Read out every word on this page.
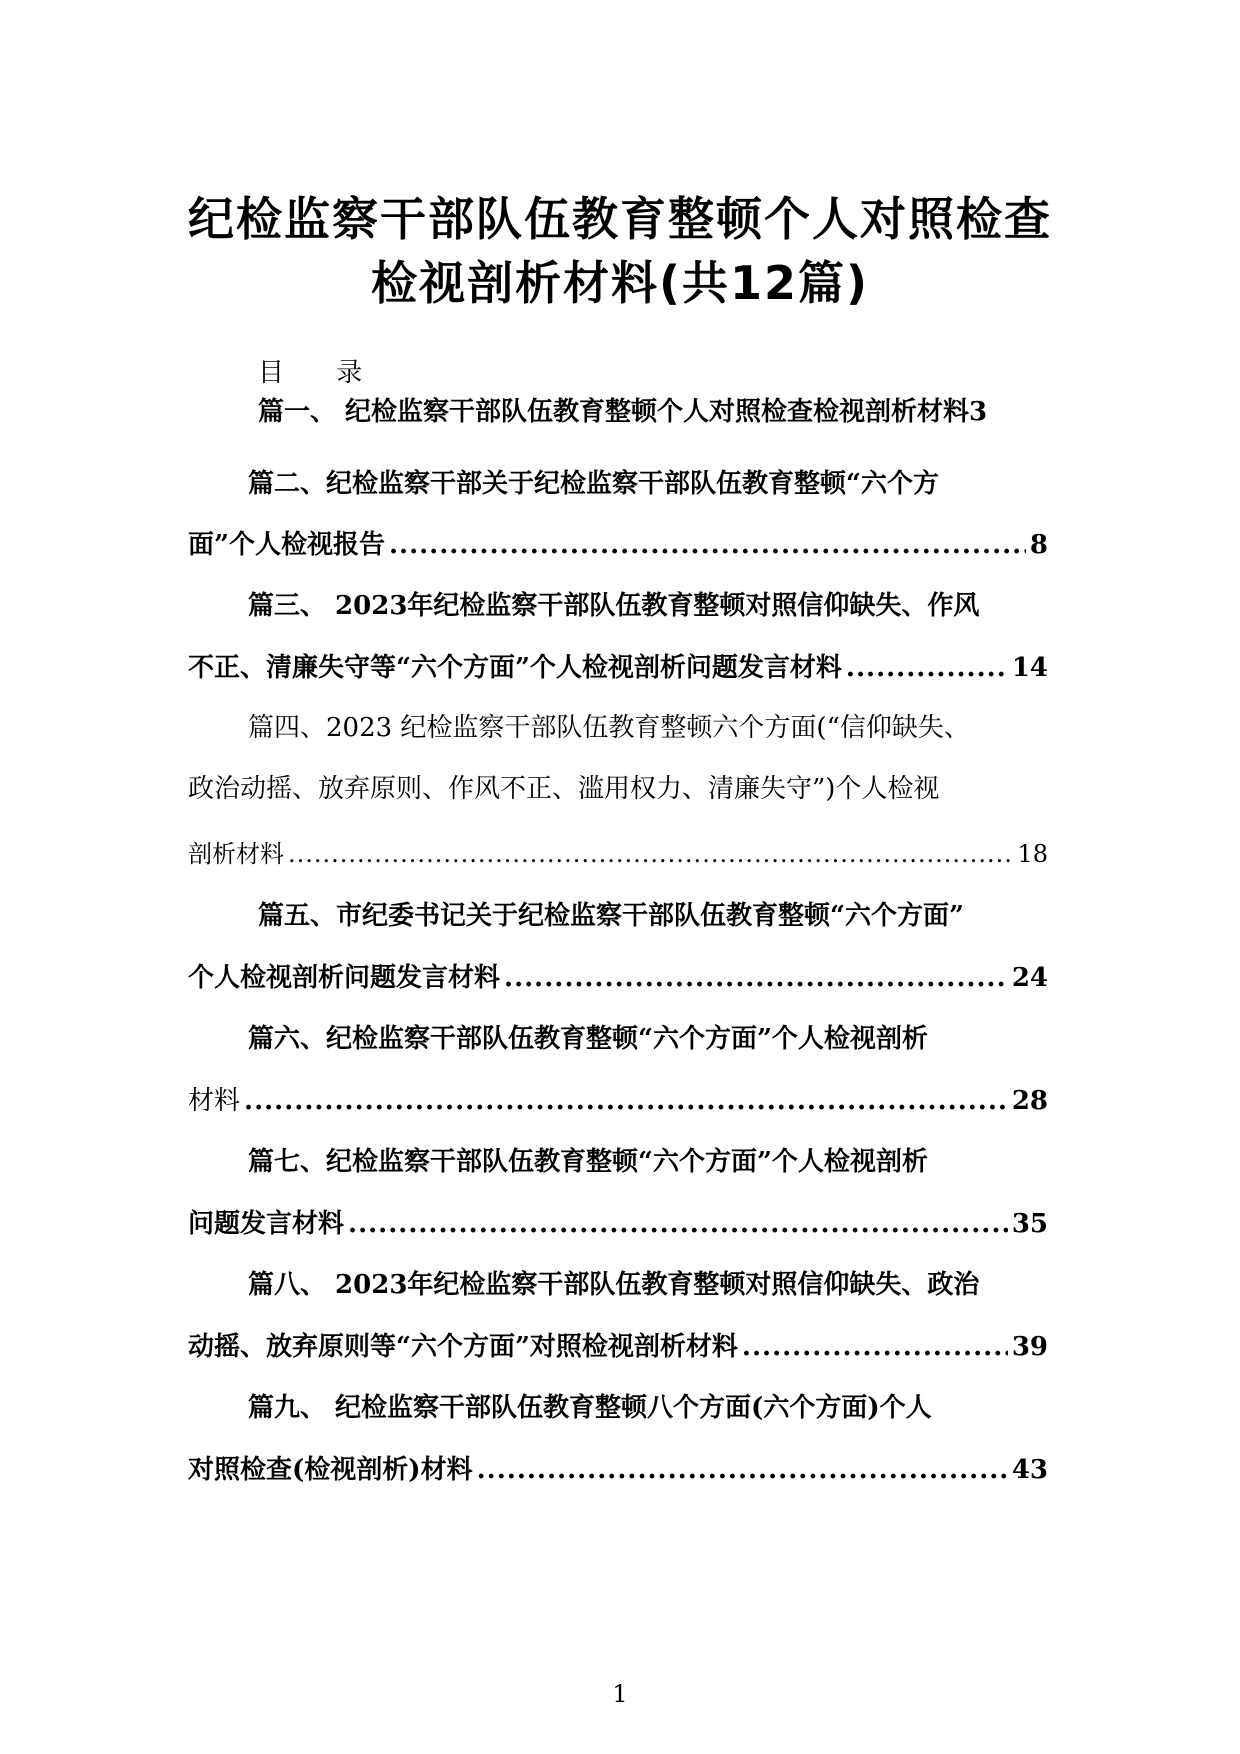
纪检监察干部队伍教育整顿个人对照检查
检视剖析材料(共12篇)
目 录
篇一、 纪检监察干部队伍教育整顿个人对照检查检视剖析材料3
篇二、纪检监察干部关于纪检监察干部队伍教育整顿“六个方
面”个人检视报告 .....	8
篇三、 2023年纪检监察干部队伍教育整顿对照信仰缺失、作风
不正、清廉失守等“六个方面”个人检视剖析问题发言材料 .....	14
篇四、2023 纪检监察干部队伍教育整顿六个方面(“信仰缺失、
政治动摇、放弃原则、作风不正、滥用权力、清廉失守”)个人检视
剖析材料 .....	18
篇五、市纪委书记关于纪检监察干部队伍教育整顿“六个方面”
个人检视剖析问题发言材料 .....	24
篇六、纪检监察干部队伍教育整顿“六个方面”个人检视剖析
材料 .....	28
篇七、纪检监察干部队伍教育整顿“六个方面”个人检视剖析
问题发言材料 .....	35
篇八、 2023年纪检监察干部队伍教育整顿对照信仰缺失、政治
动摇、放弃原则等“六个方面”对照检视剖析材料 .....	39
篇九、 纪检监察干部队伍教育整顿八个方面(六个方面)个人
对照检查(检视剖析)材料 .....	43
1
